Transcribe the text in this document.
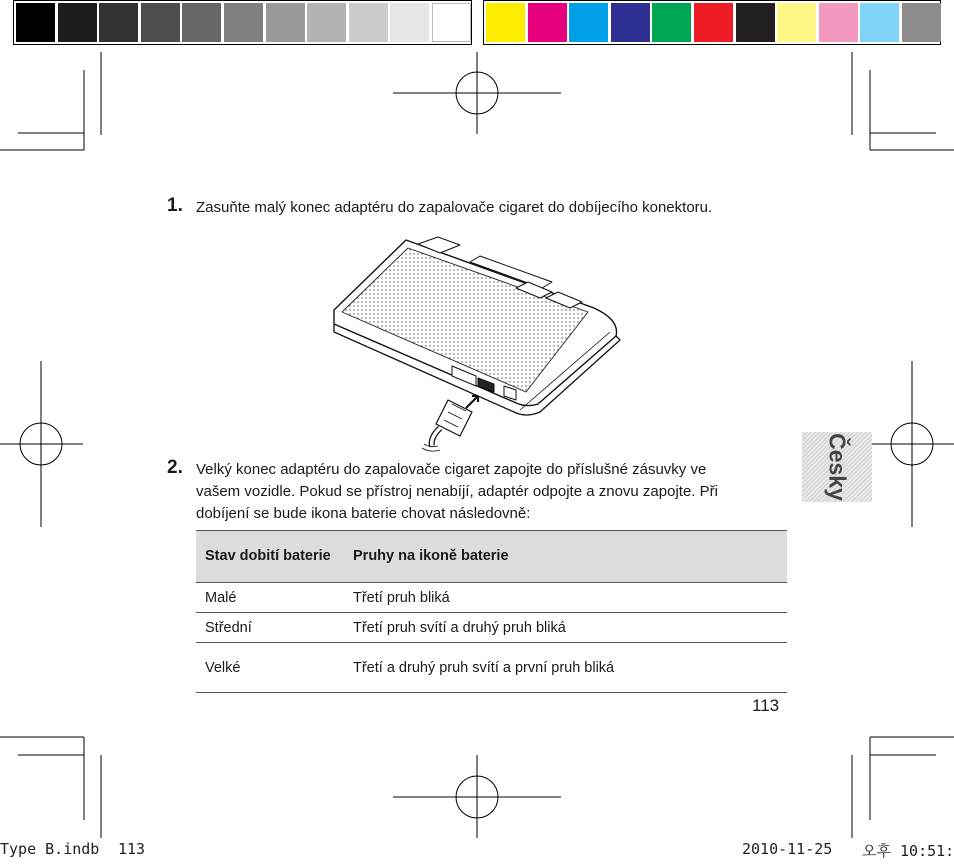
Česky
1. Zasuňte malý konec adaptéru do zapalovače cigaret do dobíjecího konektoru.
2. Velký konec adaptéru do zapalovače cigaret zapojte do příslušné zásuvky ve
vašem vozidle. Pokud se přístroj nenabíjí, adaptér odpojte a znovu zapojte. Při
dobíjení se bude ikona baterie chovat následovně:
Stav dobití baterie	Pruhy na ikoně baterie
Malé	Třetí pruh bliká
Střední	Třetí pruh svítí a druhý pruh bliká
Velké	Třetí a druhý pruh svítí a první pruh bliká
113
Type B.indb 113	2010-11-25 오후 10:51:
